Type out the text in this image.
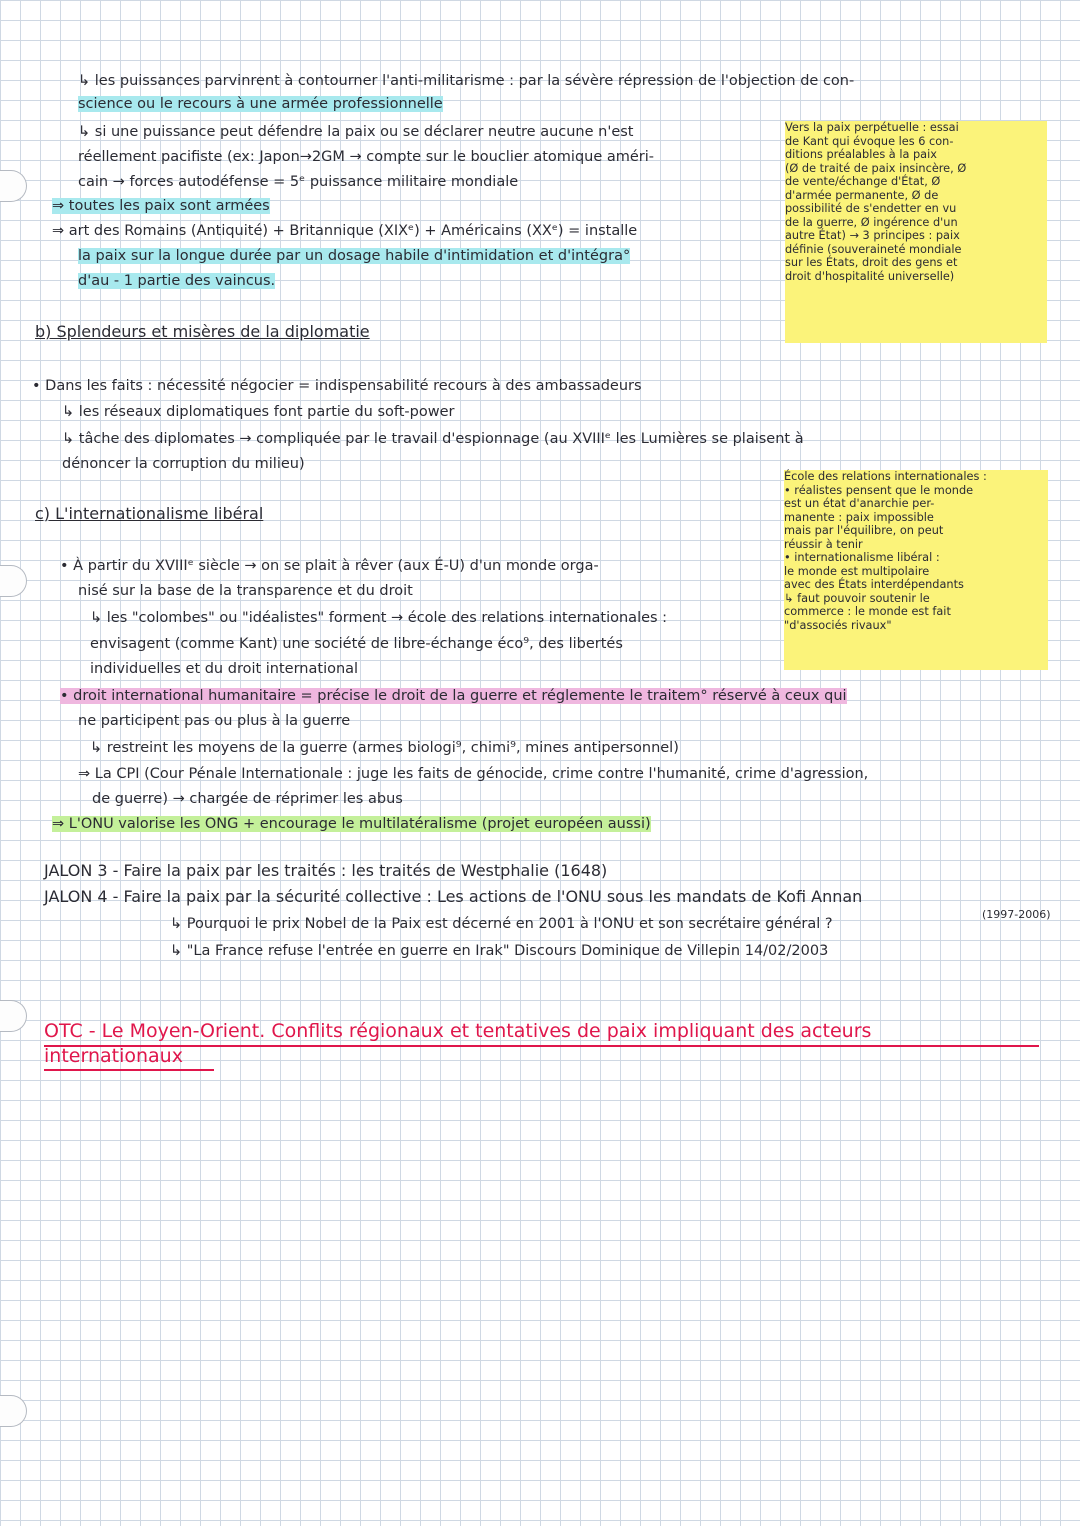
↳ les puissances parvinrent à contourner l'anti-militarisme : par la sévère répression de l'objection de con-
science ou le recours à une armée professionnelle
↳ si une puissance peut défendre la paix ou se déclarer neutre aucune n'est
réellement pacifiste (ex: Japon→2GM → compte sur le bouclier atomique améri-
cain → forces autodéfense = 5ᵉ puissance militaire mondiale
⇒ toutes les paix sont armées
⇒ art des Romains (Antiquité) + Britannique (XIXᵉ) + Américains (XXᵉ) = installe
la paix sur la longue durée par un dosage habile d'intimidation et d'intégra°
d'au - 1 partie des vaincus.
Vers la paix perpétuelle : essai
de Kant qui évoque les 6 con-
ditions préalables à la paix
(Ø de traité de paix insincère, Ø
de vente/échange d'État, Ø
d'armée permanente, Ø de
possibilité de s'endetter en vu
de la guerre, Ø ingérence d'un
autre État) → 3 principes : paix
définie (souveraineté mondiale
sur les États, droit des gens et
droit d'hospitalité universelle)
b) Splendeurs et misères de la diplomatie
• Dans les faits : nécessité négocier = indispensabilité recours à des ambassadeurs
↳ les réseaux diplomatiques font partie du soft-power
↳ tâche des diplomates → compliquée par le travail d'espionnage (au XVIIIᵉ les Lumières se plaisent à
dénoncer la corruption du milieu)
c) L'internationalisme libéral
École des relations internationales :
• réalistes pensent que le monde
est un état d'anarchie per-
manente : paix impossible
mais par l'équilibre, on peut
réussir à tenir
• internationalisme libéral :
le monde est multipolaire
avec des États interdépendants
↳ faut pouvoir soutenir le
commerce : le monde est fait
"d'associés rivaux"
• À partir du XVIIIᵉ siècle → on se plait à rêver (aux É-U) d'un monde orga-
nisé sur la base de la transparence et du droit
↳ les "colombes" ou "idéalistes" forment → école des relations internationales :
envisagent (comme Kant) une société de libre-échange éco⁹, des libertés
individuelles et du droit international
• droit international humanitaire = précise le droit de la guerre et réglemente le traitem° réservé à ceux qui
ne participent pas ou plus à la guerre
↳ restreint les moyens de la guerre (armes biologi⁹, chimi⁹, mines antipersonnel)
⇒ La CPI (Cour Pénale Internationale : juge les faits de génocide, crime contre l'humanité, crime d'agression,
de guerre) → chargée de réprimer les abus
⇒ L'ONU valorise les ONG + encourage le multilatéralisme (projet européen aussi)
JALON 3 - Faire la paix par les traités : les traités de Westphalie (1648)
JALON 4 - Faire la paix par la sécurité collective : Les actions de l'ONU sous les mandats de Kofi Annan
(1997-2006)
↳ Pourquoi le prix Nobel de la Paix est décerné en 2001 à l'ONU et son secrétaire général ?
↳ "La France refuse l'entrée en guerre en Irak" Discours Dominique de Villepin 14/02/2003
OTC - Le Moyen-Orient. Conflits régionaux et tentatives de paix impliquant des acteurs
internationaux
